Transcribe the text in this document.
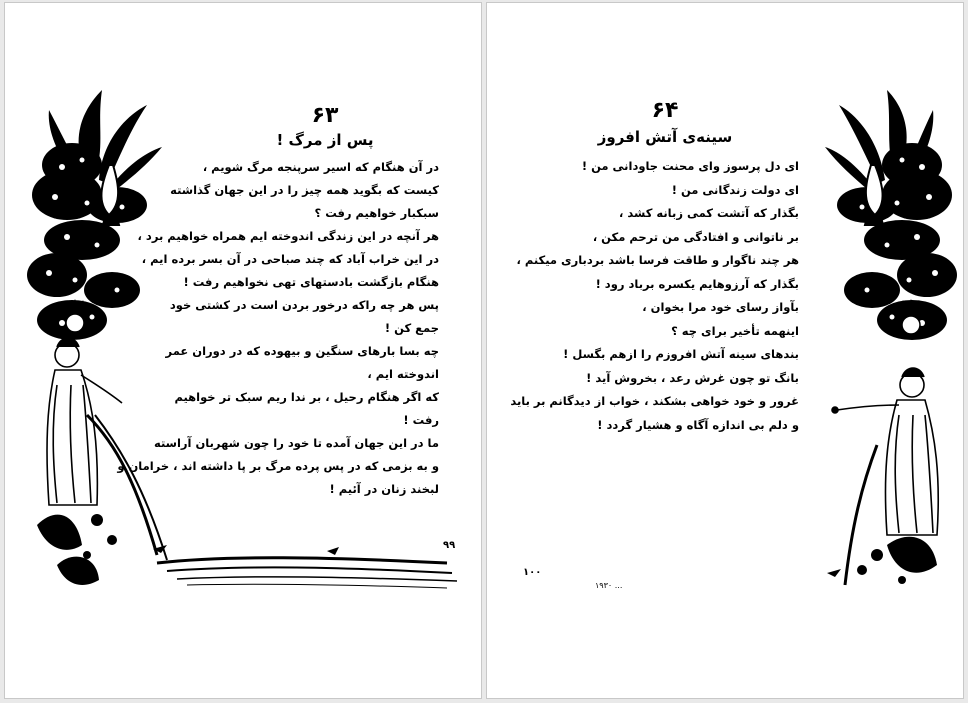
۶۳
پس از مرگ !
در آن هنگام که اسیر سرپنجه مرگ شویم ،
کیست که بگوید همه چیز را در این جهان گذاشته
سبکبار خواهیم رفت ؟
هر آنچه در این زندگی اندوخته ایم همراه خواهیم برد ،
در این خراب آباد که چند صباحی در آن بسر برده ایم ،
هنگام بازگشت بادستهای تهی نخواهیم رفت !
پس هر چه راکه درخور بردن است در کشتی خود
جمع کن !
چه بسا بارهای سنگین و بیهوده که در دوران عمر
اندوخته ایم ،
که اگر هنگام رحیل ، بر ندا ریم سبک تر خواهیم
رفت !
ما در این جهان آمده تا خود را چون شهربان آراسته
و به بزمی که در پس پرده مرگ بر پا داشته اند ، خرامان و
لبخند زنان در آئیم !
۹۹
۶۴
سینه‌ی آتش افروز
ای دل پرسوز وای محنت جاودانی من !
ای دولت زندگانی من !
بگذار که آتشت کمی زبانه کشد ،
بر ناتوانی و افتادگی من ترحم مکن ،
هر چند ناگوار و طاقت فرسا باشد بردباری میکنم ،
بگذار که آرزوهایم یکسره برباد رود !
بآواز رسای خود مرا بخوان ،
اینهمه تأخیر برای چه ؟
بندهای سینه آتش افروزم را ازهم بگسل !
بانگ تو چون غرش رعد ، بخروش آید !
غرور و خود خواهی بشکند ، خواب از دیدگانم بر باید
و دلم بی اندازه آگاه و هشیار گردد !
۱۰۰
۱۹۳۰ ...
